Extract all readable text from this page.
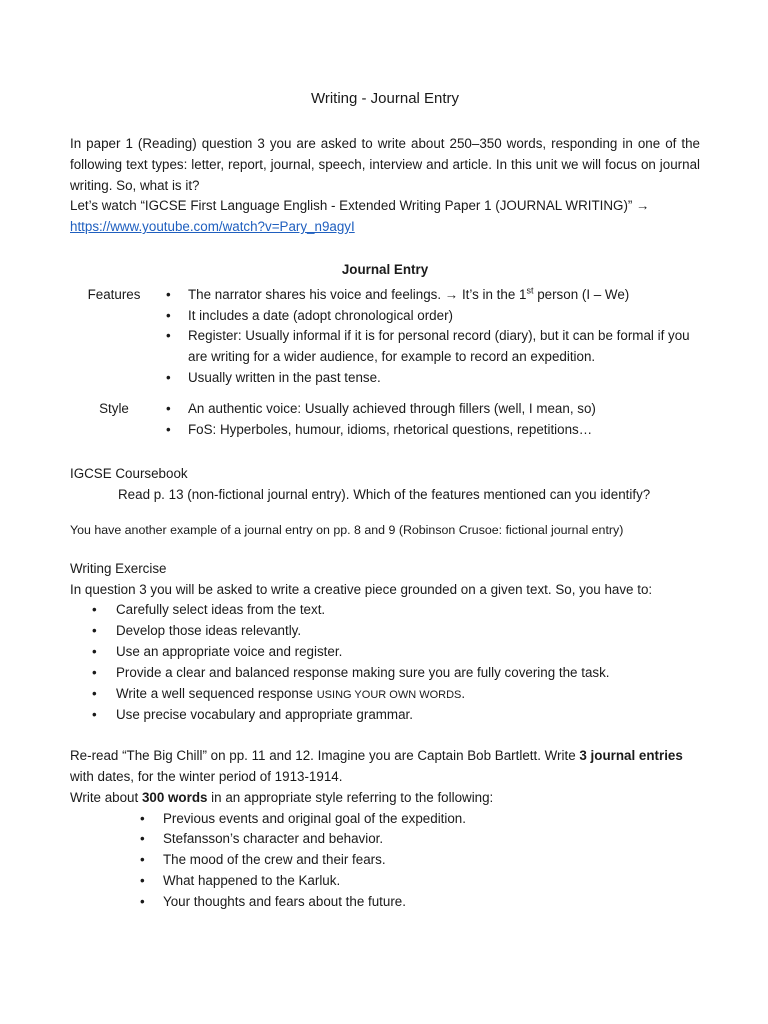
Writing - Journal Entry

In paper 1 (Reading) question 3 you are asked to write about 250–350 words, responding in one of the following text types: letter, report, journal, speech, interview and article. In this unit we will focus on journal writing. So, what is it?

Let’s watch “IGCSE First Language English - Extended Writing Paper 1 (JOURNAL WRITING)” →

https://www.youtube.com/watch?v=Pary_n9agyI

Journal Entry
Features	• The narrator shares his voice and feelings. → It’s in the 1st person (I – We)
• It includes a date (adopt chronological order)
• Register: Usually informal if it is for personal record (diary), but it can be formal if you are writing for a wider audience, for example to record an expedition.
• Usually written in the past tense.
Style	• An authentic voice: Usually achieved through fillers (well, I mean, so)
• FoS: Hyperboles, humour, idioms, rhetorical questions, repetitions…

IGCSE Coursebook

Read p. 13 (non-fictional journal entry). Which of the features mentioned can you identify?

You have another example of a journal entry on pp. 8 and 9 (Robinson Crusoe: fictional journal entry)

Writing Exercise

In question 3 you will be asked to write a creative piece grounded on a given text. So, you have to:

• Carefully select ideas from the text.
• Develop those ideas relevantly.
• Use an appropriate voice and register.
• Provide a clear and balanced response making sure you are fully covering the task.
• Write a well sequenced response USING YOUR OWN WORDS.
• Use precise vocabulary and appropriate grammar.

Re-read “The Big Chill” on pp. 11 and 12. Imagine you are Captain Bob Bartlett. Write 3 journal entries with dates, for the winter period of 1913-1914.

Write about 300 words in an appropriate style referring to the following:

• Previous events and original goal of the expedition.
• Stefansson’s character and behavior.
• The mood of the crew and their fears.
• What happened to the Karluk.
• Your thoughts and fears about the future.
